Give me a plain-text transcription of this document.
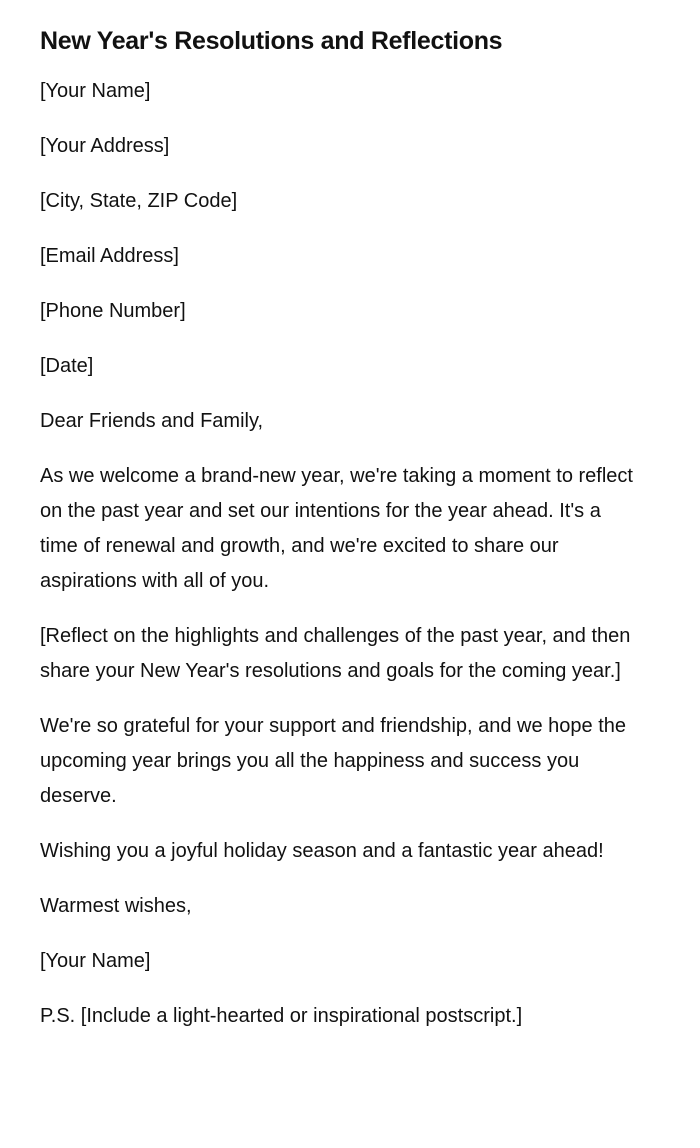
New Year's Resolutions and Reflections

[Your Name]

[Your Address]

[City, State, ZIP Code]

[Email Address]

[Phone Number]

[Date]

Dear Friends and Family,

As we welcome a brand-new year, we're taking a moment to reflect on the past year and set our intentions for the year ahead. It's a time of renewal and growth, and we're excited to share our aspirations with all of you.

[Reflect on the highlights and challenges of the past year, and then share your New Year's resolutions and goals for the coming year.]

We're so grateful for your support and friendship, and we hope the upcoming year brings you all the happiness and success you deserve.

Wishing you a joyful holiday season and a fantastic year ahead!

Warmest wishes,

[Your Name]

P.S. [Include a light-hearted or inspirational postscript.]
